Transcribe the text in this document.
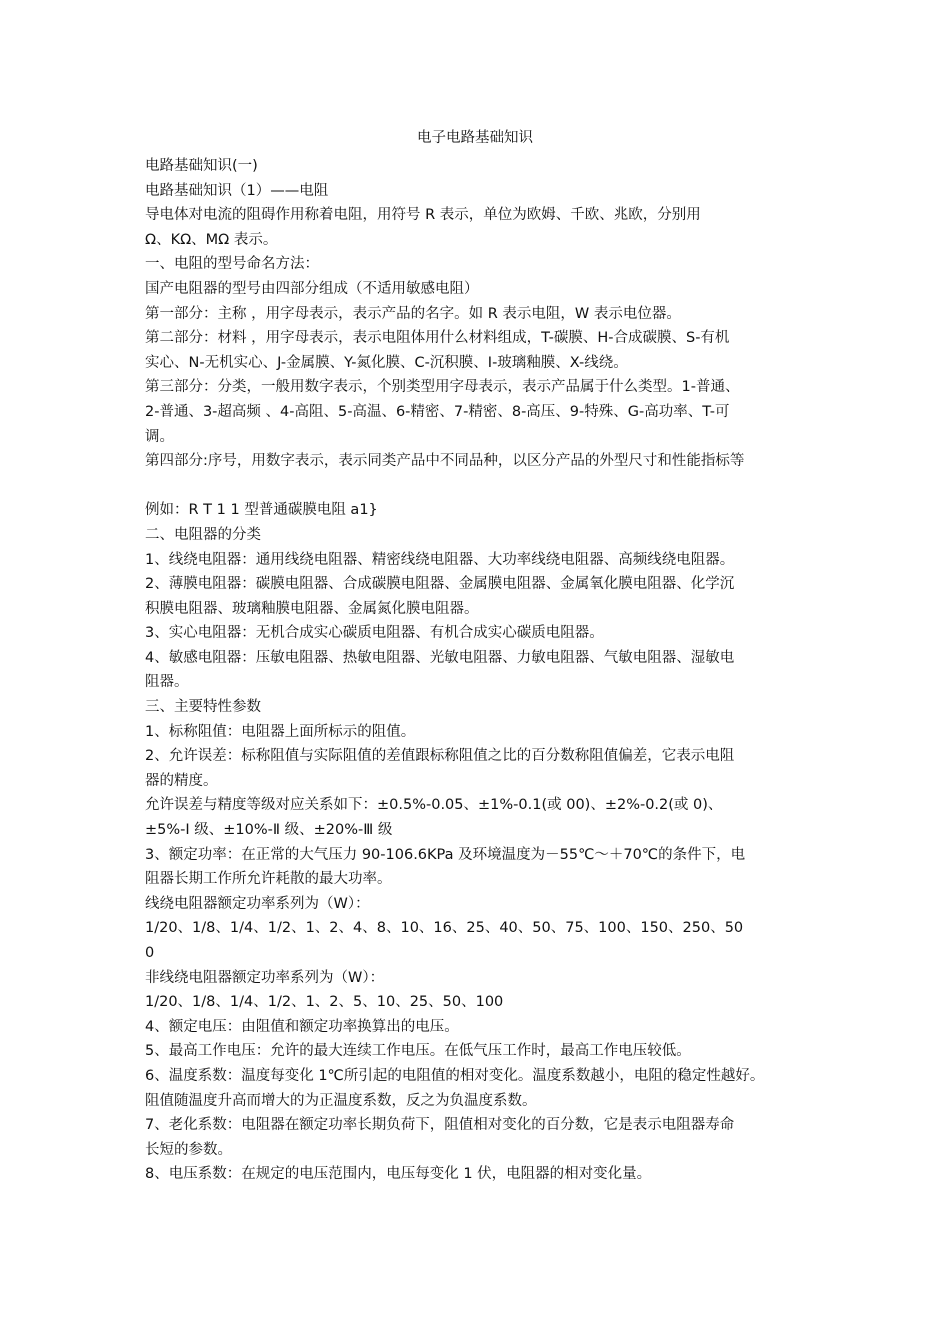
电子电路基础知识
电路基础知识(一)
电路基础知识（1）——电阻
导电体对电流的阻碍作用称着电阻，用符号 R 表示，单位为欧姆、千欧、兆欧，分别用
Ω、KΩ、MΩ 表示。
一、电阻的型号命名方法：
国产电阻器的型号由四部分组成（不适用敏感电阻）
第一部分：主称 ，用字母表示，表示产品的名字。如 R 表示电阻，W 表示电位器。
第二部分：材料 ，用字母表示，表示电阻体用什么材料组成，T-碳膜、H-合成碳膜、S-有机
实心、N-无机实心、J-金属膜、Y-氮化膜、C-沉积膜、I-玻璃釉膜、X-线绕。
第三部分：分类，一般用数字表示，个别类型用字母表示，表示产品属于什么类型。1-普通、
2-普通、3-超高频 、4-高阻、5-高温、6-精密、7-精密、8-高压、9-特殊、G-高功率、T-可
调。
第四部分:序号，用数字表示，表示同类产品中不同品种，以区分产品的外型尺寸和性能指标等
例如：R T 1 1 型普通碳膜电阻 a1}
二、电阻器的分类
1、线绕电阻器：通用线绕电阻器、精密线绕电阻器、大功率线绕电阻器、高频线绕电阻器。
2、薄膜电阻器：碳膜电阻器、合成碳膜电阻器、金属膜电阻器、金属氧化膜电阻器、化学沉
积膜电阻器、玻璃釉膜电阻器、金属氮化膜电阻器。
3、实心电阻器：无机合成实心碳质电阻器、有机合成实心碳质电阻器。
4、敏感电阻器：压敏电阻器、热敏电阻器、光敏电阻器、力敏电阻器、气敏电阻器、湿敏电
阻器。
三、主要特性参数
1、标称阻值：电阻器上面所标示的阻值。
2、允许误差：标称阻值与实际阻值的差值跟标称阻值之比的百分数称阻值偏差，它表示电阻
器的精度。
允许误差与精度等级对应关系如下：±0.5%-0.05、±1%-0.1(或 00)、±2%-0.2(或 0)、
±5%-Ⅰ 级、±10%-Ⅱ 级、±20%-Ⅲ 级
3、额定功率：在正常的大气压力 90-106.6KPa 及环境温度为－55℃～＋70℃的条件下，电
阻器长期工作所允许耗散的最大功率。
线绕电阻器额定功率系列为（W）：
1/20、1/8、1/4、1/2、1、2、4、8、10、16、25、40、50、75、100、150、250、50
0
非线绕电阻器额定功率系列为（W）：
1/20、1/8、1/4、1/2、1、2、5、10、25、50、100
4、额定电压：由阻值和额定功率换算出的电压。
5、最高工作电压：允许的最大连续工作电压。在低气压工作时，最高工作电压较低。
6、温度系数：温度每变化 1℃所引起的电阻值的相对变化。温度系数越小，电阻的稳定性越好。
阻值随温度升高而增大的为正温度系数，反之为负温度系数。
7、老化系数：电阻器在额定功率长期负荷下，阻值相对变化的百分数，它是表示电阻器寿命
长短的参数。
8、电压系数：在规定的电压范围内，电压每变化 1 伏，电阻器的相对变化量。
